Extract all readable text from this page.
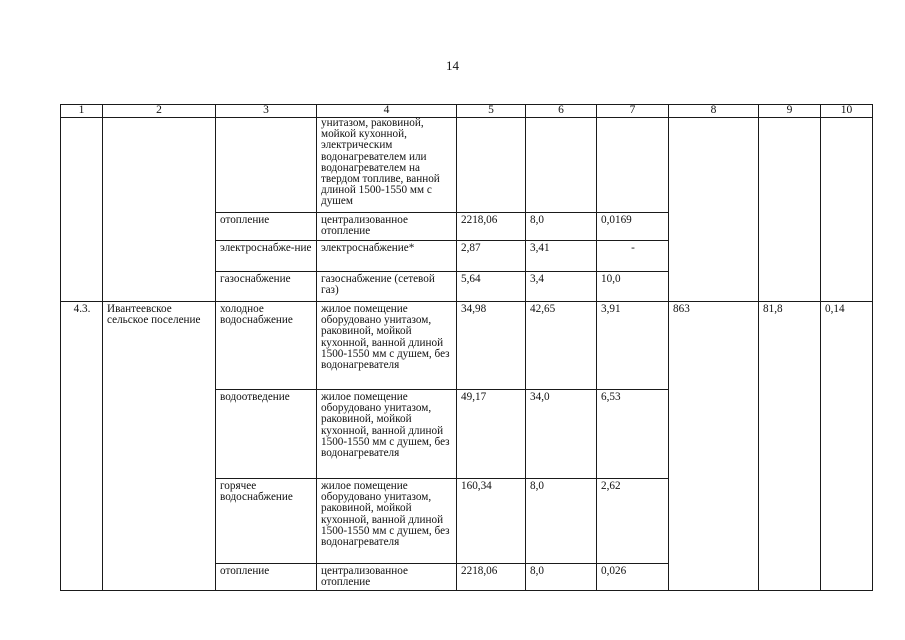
14
1	2	3	4	5	6	7	8	9	10
			унитазом, раковиной, мойкой кухонной, электрическим водонагревателем или водонагревателем на твердом топливе, ванной длиной 1500-1550 мм с душем						
		отопление	централизованное отопление	2218,06	8,0	0,0169			
		электроснабже-ние	электроснабжение*	2,87	3,41	-			
		газоснабжение	газоснабжение (сетевой газ)	5,64	3,4	10,0			
4.3.	Ивантеевское сельское поселение	холодное водоснабжение	жилое помещение оборудовано унитазом, раковиной, мойкой кухонной, ванной длиной 1500-1550 мм с душем, без водонагревателя	34,98	42,65	3,91	863	81,8	0,14
		водоотведение	жилое помещение оборудовано унитазом, раковиной, мойкой кухонной, ванной длиной 1500-1550 мм с душем, без водонагревателя	49,17	34,0	6,53			
		горячее водоснабжение	жилое помещение оборудовано унитазом, раковиной, мойкой кухонной, ванной длиной 1500-1550 мм с душем, без водонагревателя	160,34	8,0	2,62			
		отопление	централизованное отопление	2218,06	8,0	0,026			
